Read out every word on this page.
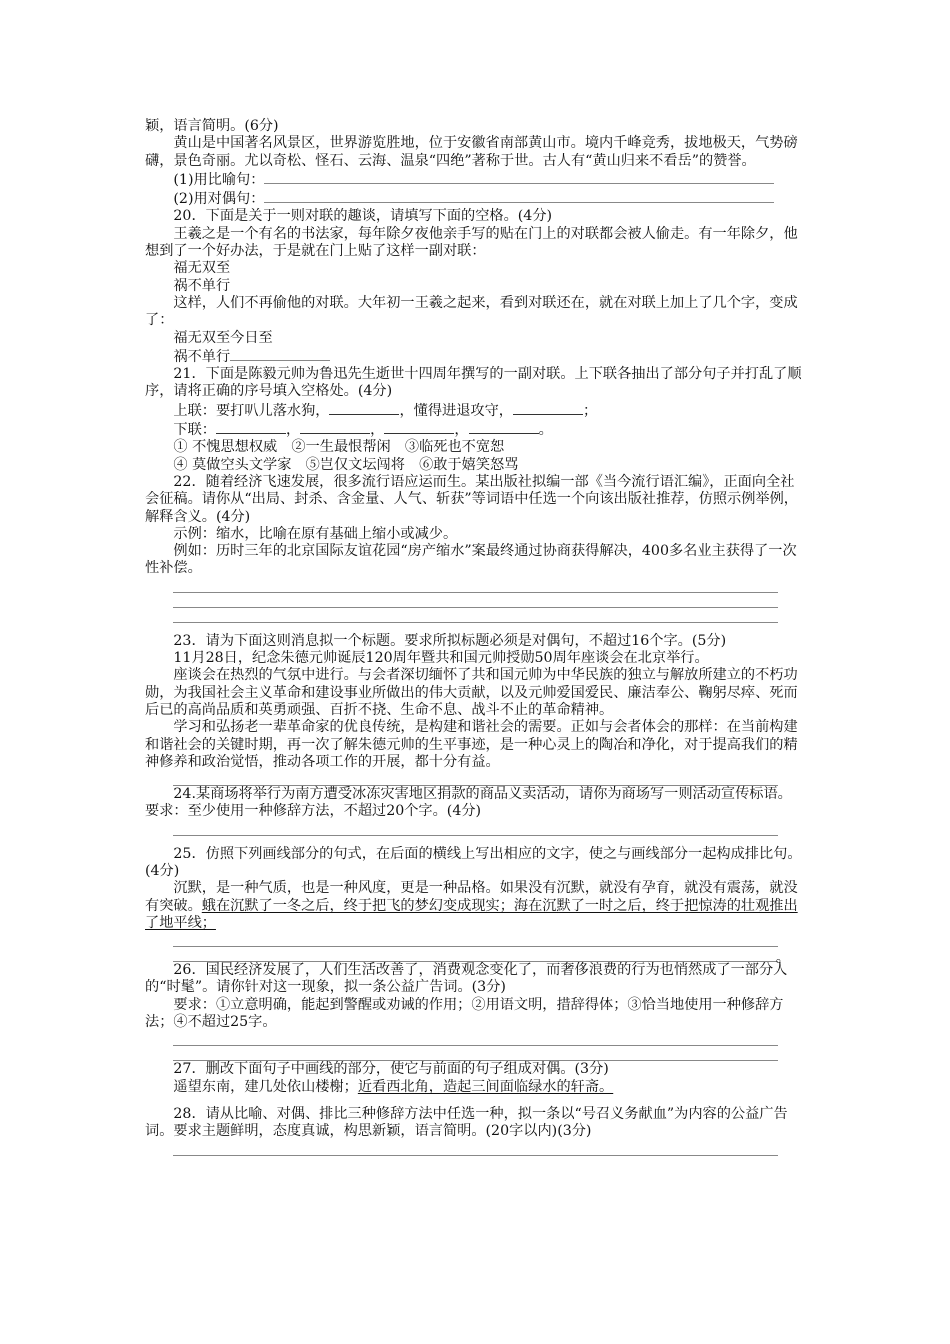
颖，语言简明。(6分)

黄山是中国著名风景区，世界游览胜地，位于安徽省南部黄山市。境内千峰竞秀，拔地极天，气势磅礴，景色奇丽。尤以奇松、怪石、云海、温泉“四绝”著称于世。古人有“黄山归来不看岳”的赞誉。

(1)用比喻句：

(2)用对偶句：

20．下面是关于一则对联的趣谈，请填写下面的空格。(4分)

王羲之是一个有名的书法家，每年除夕夜他亲手写的贴在门上的对联都会被人偷走。有一年除夕，他想到了一个好办法，于是就在门上贴了这样一副对联：

福无双至

祸不单行

这样，人们不再偷他的对联。大年初一王羲之起来，看到对联还在，就在对联上加上了几个字，变成了：

福无双至今日至

祸不单行

21．下面是陈毅元帅为鲁迅先生逝世十四周年撰写的一副对联。上下联各抽出了部分句子并打乱了顺序，请将正确的序号填入空格处。(4分)

上联：要打叭儿落水狗，	，懂得进退攻守，	；

下联：	，	，	，	。

① 不愧思想权威　②一生最恨帮闲　③临死也不宽恕

④ 莫做空头文学家　⑤岂仅文坛闯将　⑥敢于嬉笑怒骂

22．随着经济飞速发展，很多流行语应运而生。某出版社拟编一部《当今流行语汇编》，正面向全社会征稿。请你从“出局、封杀、含金量、人气、斩获”等词语中任选一个向该出版社推荐，仿照示例举例，解释含义。(4分)

示例：缩水，比喻在原有基础上缩小或减少。

例如：历时三年的北京国际友谊花园“房产缩水”案最终通过协商获得解决，400多名业主获得了一次性补偿。

23．请为下面这则消息拟一个标题。要求所拟标题必须是对偶句，不超过16个字。(5分)

11月28日，纪念朱德元帅诞辰120周年暨共和国元帅授勋50周年座谈会在北京举行。

座谈会在热烈的气氛中进行。与会者深切缅怀了共和国元帅为中华民族的独立与解放所建立的不朽功勋，为我国社会主义革命和建设事业所做出的伟大贡献，以及元帅爱国爱民、廉洁奉公、鞠躬尽瘁、死而后已的高尚品质和英勇顽强、百折不挠、生命不息、战斗不止的革命精神。

学习和弘扬老一辈革命家的优良传统，是构建和谐社会的需要。正如与会者体会的那样：在当前构建和谐社会的关键时期，再一次了解朱德元帅的生平事迹，是一种心灵上的陶冶和净化，对于提高我们的精神修养和政治觉悟，推动各项工作的开展，都十分有益。

24.某商场将举行为南方遭受冰冻灾害地区捐款的商品义卖活动，请你为商场写一则活动宣传标语。要求：至少使用一种修辞方法，不超过20个字。(4分)

25．仿照下列画线部分的句式，在后面的横线上写出相应的文字，使之与画线部分一起构成排比句。(4分)

沉默，是一种气质，也是一种风度，更是一种品格。如果没有沉默，就没有孕育，就没有震荡，就没有突破。蛾在沉默了一冬之后，终于把飞的梦幻变成现实；海在沉默了一时之后，终于把惊涛的壮观推出了地平线；

。

26．国民经济发展了，人们生活改善了，消费观念变化了，而奢侈浪费的行为也悄然成了一部分人的“时髦”。请你针对这一现象，拟一条公益广告词。(3分)

要求：①立意明确，能起到警醒或劝诫的作用；②用语文明，措辞得体；③恰当地使用一种修辞方法；④不超过25字。

27．删改下面句子中画线的部分，使它与前面的句子组成对偶。(3分)

遥望东南，建几处依山楼榭；近看西北角，造起三间面临绿水的轩斋。

28．请从比喻、对偶、排比三种修辞方法中任选一种，拟一条以“号召义务献血”为内容的公益广告词。要求主题鲜明，态度真诚，构思新颖，语言简明。(20字以内)(3分)
